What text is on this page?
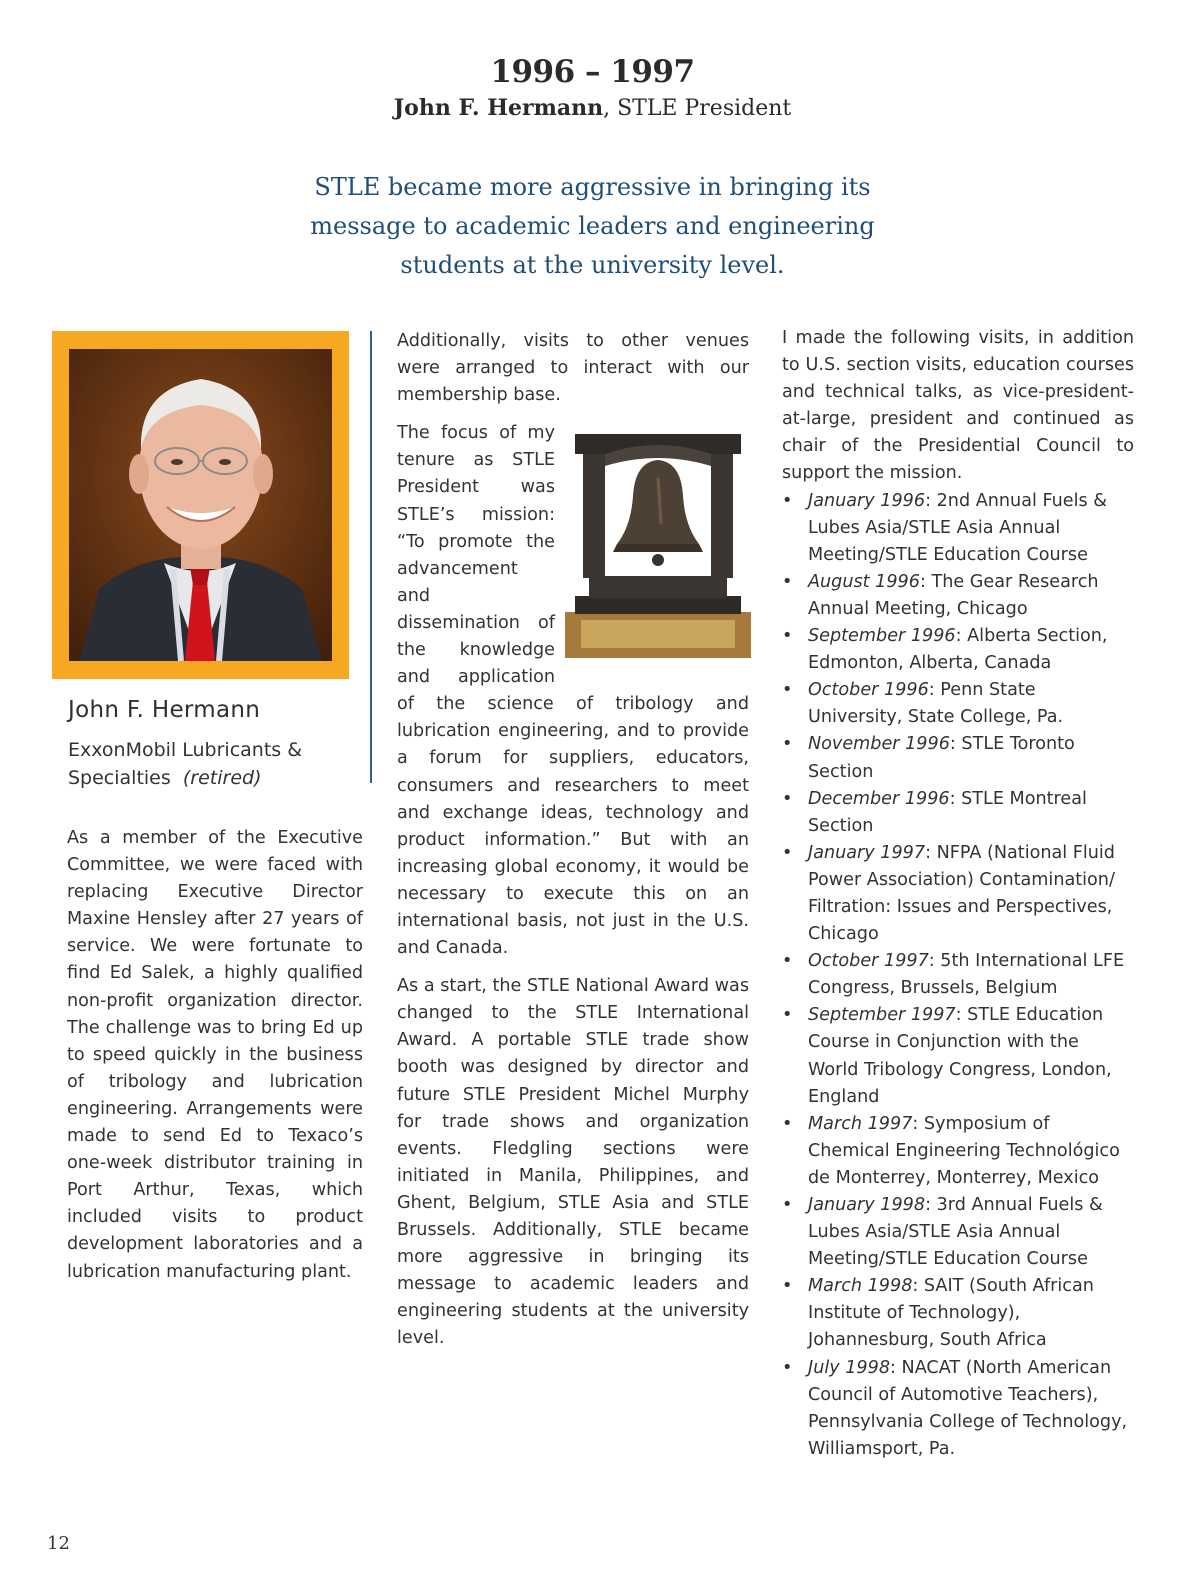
1996 – 1997
John F. Hermann, STLE President
STLE became more aggressive in bringing its message to academic leaders and engineering students at the university level.
John F. Hermann
ExxonMobil Lubricants & Specialties (retired)

As a member of the Executive Committee, we were faced with replacing Executive Director Maxine Hensley after 27 years of service. We were fortunate to find Ed Salek, a highly qualified non-profit organization director. The challenge was to bring Ed up to speed quickly in the business of tribology and lubrication engineering. Arrangements were made to send Ed to Texaco’s one-week distributor training in Port Arthur, Texas, which included visits to product development laboratories and a lubrication manufacturing plant.

Additionally, visits to other venues were arranged to interact with our membership base.

The focus of my tenure as STLE President was STLE’s mission: “To promote the advancement and dissemination of the knowledge and application of the science of tribology and lubrication engineering, and to provide a forum for suppliers, educators, consumers and researchers to meet and exchange ideas, technology and product information.” But with an increasing global economy, it would be necessary to execute this on an international basis, not just in the U.S. and Canada.

As a start, the STLE National Award was changed to the STLE International Award. A portable STLE trade show booth was designed by director and future STLE President Michel Murphy for trade shows and organization events. Fledgling sections were initiated in Manila, Philippines, and Ghent, Belgium, STLE Asia and STLE Brussels. Additionally, STLE became more aggressive in bringing its message to academic leaders and engineering students at the university level.

I made the following visits, in addition to U.S. section visits, education courses and technical talks, as vice-president-at-large, president and continued as chair of the Presidential Council to support the mission.

• January 1996: 2nd Annual Fuels & Lubes Asia/STLE Asia Annual Meeting/STLE Education Course
• August 1996: The Gear Research Annual Meeting, Chicago
• September 1996: Alberta Section, Edmonton, Alberta, Canada
• October 1996: Penn State University, State College, Pa.
• November 1996: STLE Toronto Section
• December 1996: STLE Montreal Section
• January 1997: NFPA (National Fluid Power Association) Contamination/ Filtration: Issues and Perspectives, Chicago
• October 1997: 5th International LFE Congress, Brussels, Belgium
• September 1997: STLE Education Course in Conjunction with the World Tribology Congress, London, England
• March 1997: Symposium of Chemical Engineering Technológico de Monterrey, Monterrey, Mexico
• January 1998: 3rd Annual Fuels & Lubes Asia/STLE Asia Annual Meeting/STLE Education Course
• March 1998: SAIT (South African Institute of Technology), Johannesburg, South Africa
• July 1998: NACAT (North American Council of Automotive Teachers), Pennsylvania College of Technology, Williamsport, Pa.
12
